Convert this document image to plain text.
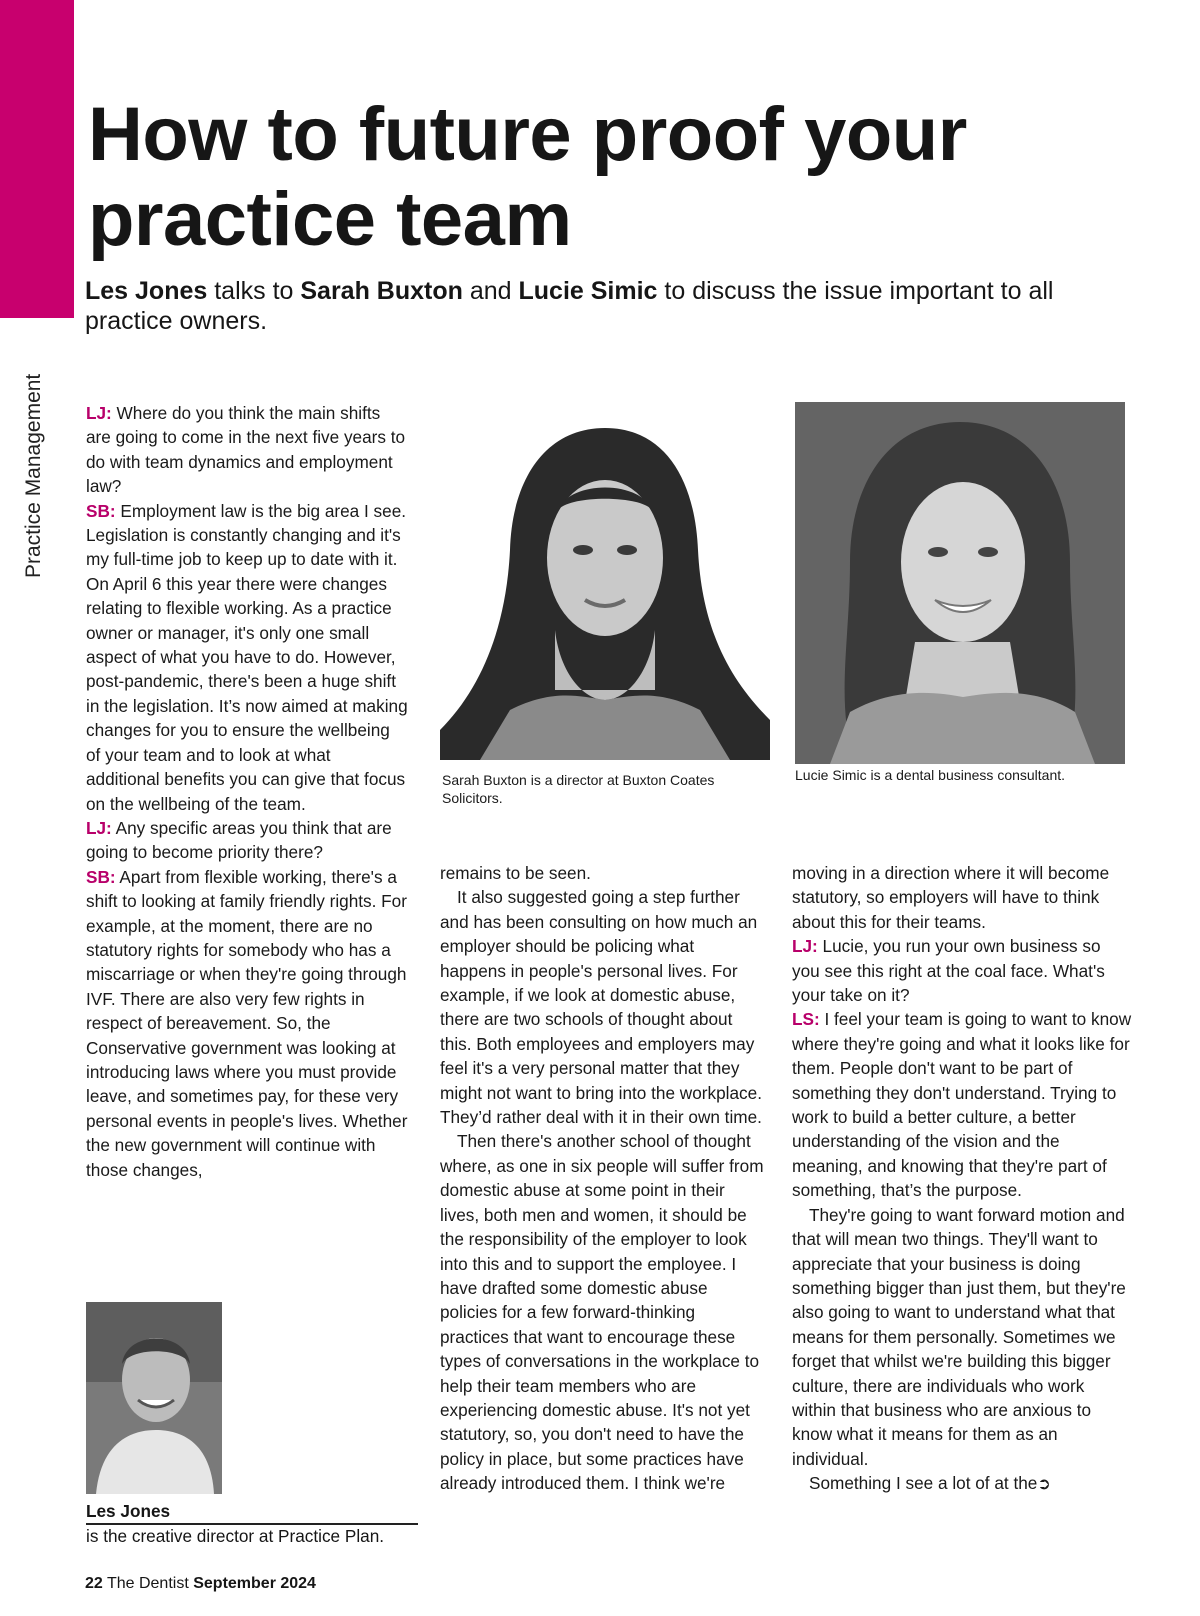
Practice Management
How to future proof your practice team

Les Jones talks to Sarah Buxton and Lucie Simic to discuss the issue important to all practice owners.

LJ: Where do you think the main shifts are going to come in the next five years to do with team dynamics and employment law?

SB: Employment law is the big area I see. Legislation is constantly changing and it's my full-time job to keep up to date with it. On April 6 this year there were changes relating to flexible working. As a practice owner or manager, it's only one small aspect of what you have to do. However, post-pandemic, there's been a huge shift in the legislation. It’s now aimed at making changes for you to ensure the wellbeing of your team and to look at what additional benefits you can give that focus on the wellbeing of the team.

LJ: Any specific areas you think that are going to become priority there?

SB: Apart from flexible working, there's a shift to looking at family friendly rights. For example, at the moment, there are no statutory rights for somebody who has a miscarriage or when they're going through IVF. There are also very few rights in respect of bereavement. So, the Conservative government was looking at introducing laws where you must provide leave, and sometimes pay, for these very personal events in people's lives. Whether the new government will continue with those changes,

Sarah Buxton is a director at Buxton Coates Solicitors.
Lucie Simic is a dental business consultant.

remains to be seen.

It also suggested going a step further and has been consulting on how much an employer should be policing what happens in people's personal lives. For example, if we look at domestic abuse, there are two schools of thought about this. Both employees and employers may feel it's a very personal matter that they might not want to bring into the workplace. They’d rather deal with it in their own time.

Then there's another school of thought where, as one in six people will suffer from domestic abuse at some point in their lives, both men and women, it should be the responsibility of the employer to look into this and to support the employee. I have drafted some domestic abuse policies for a few forward-thinking practices that want to encourage these types of conversations in the workplace to help their team members who are experiencing domestic abuse. It's not yet statutory, so, you don't need to have the policy in place, but some practices have already introduced them. I think we're

moving in a direction where it will become statutory, so employers will have to think about this for their teams.

LJ: Lucie, you run your own business so you see this right at the coal face. What's your take on it?

LS: I feel your team is going to want to know where they're going and what it looks like for them. People don't want to be part of something they don't understand. Trying to work to build a better culture, a better understanding of the vision and the meaning, and knowing that they're part of something, that’s the purpose.

They're going to want forward motion and that will mean two things. They'll want to appreciate that your business is doing something bigger than just them, but they're also going to want to understand what that means for them personally. Sometimes we forget that whilst we're building this bigger culture, there are individuals who work within that business who are anxious to know what it means for them as an individual.

Something I see a lot of at the➲

Les Jones
is the creative director at Practice Plan.
22 The Dentist September 2024
